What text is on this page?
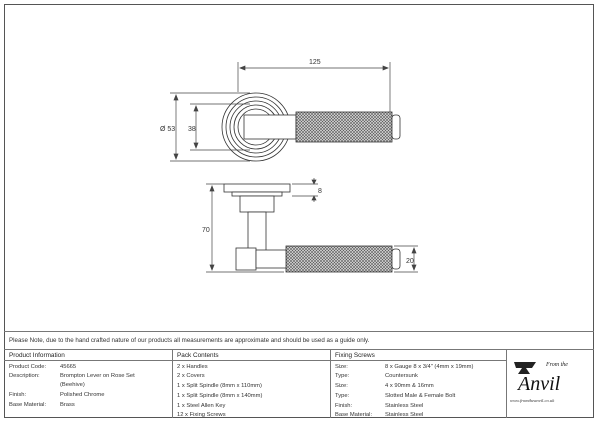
125
Ø 53 38
8
70
20
Please Note, due to the hand crafted nature of our products all measurements are approximate and should be used as a guide only.
Product Information
Product Code: 45665
Description:	Brompton Lever on Rose Set
(Beehive)
Finish:	Polished Chrome
Base Material: Brass
Pack Contents
2 x Handles
2 x Covers
1 x Split Spindle (8mm x 110mm)
1 x Split Spindle (8mm x 140mm)
1 x Steel Allen Key
12 x Fixing Screws
Fixing Screws
Size:	8 x Gauge 8 x 3/4" (4mm x 19mm)
Type:	Countersunk
Size:	4 x 90mm & 16mm
Type:	Slotted Male & Female Bolt
Finish:	Stainless Steel
Base Material: Stainless Steel
From the
Anvil
www.fromtheanvil.co.uk
